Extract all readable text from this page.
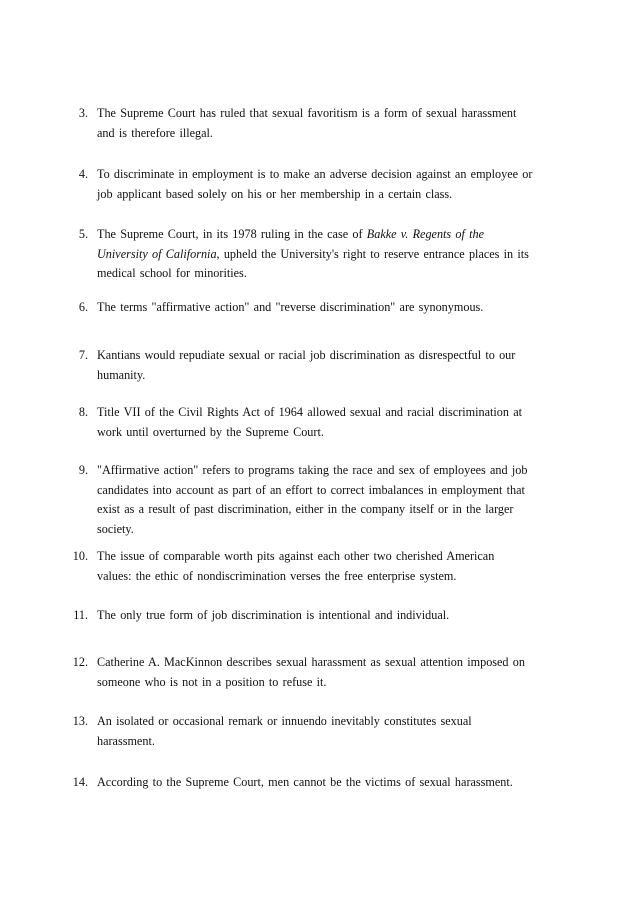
3. The Supreme Court has ruled that sexual favoritism is a form of sexual harassment
and is therefore illegal.
4. To discriminate in employment is to make an adverse decision against an employee or
job applicant based solely on his or her membership in a certain class.
5. The Supreme Court, in its 1978 ruling in the case of Bakke v. Regents of the
University of California, upheld the University's right to reserve entrance places in its
medical school for minorities.
6. The terms "affirmative action" and "reverse discrimination" are synonymous.
7. Kantians would repudiate sexual or racial job discrimination as disrespectful to our
humanity.
8. Title VII of the Civil Rights Act of 1964 allowed sexual and racial discrimination at
work until overturned by the Supreme Court.
9. "Affirmative action" refers to programs taking the race and sex of employees and job
candidates into account as part of an effort to correct imbalances in employment that
exist as a result of past discrimination, either in the company itself or in the larger
society.
10. The issue of comparable worth pits against each other two cherished American
values: the ethic of nondiscrimination verses the free enterprise system.
11. The only true form of job discrimination is intentional and individual.
12. Catherine A. MacKinnon describes sexual harassment as sexual attention imposed on
someone who is not in a position to refuse it.
13. An isolated or occasional remark or innuendo inevitably constitutes sexual
harassment.
14. According to the Supreme Court, men cannot be the victims of sexual harassment.
